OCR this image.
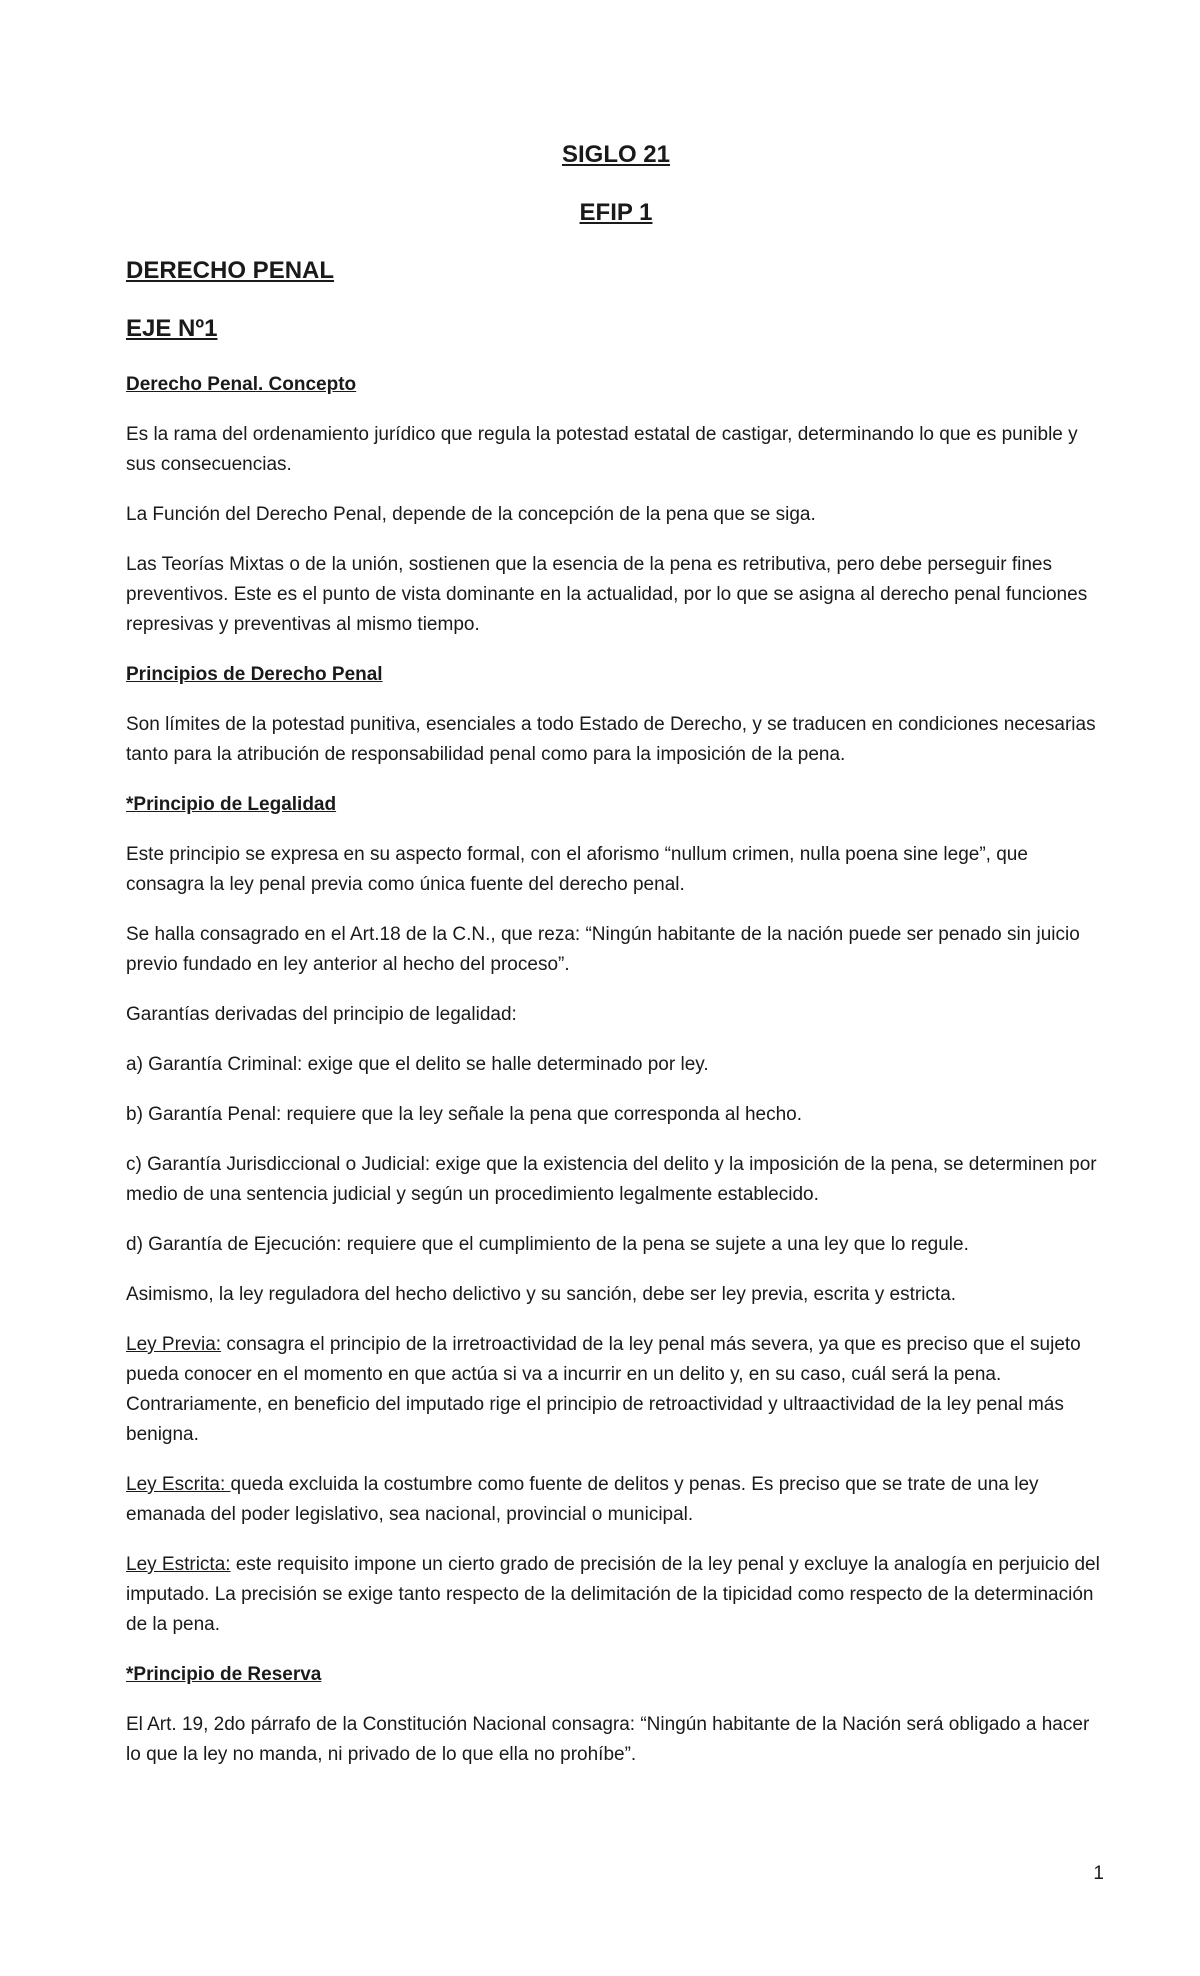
SIGLO 21
EFIP 1
DERECHO PENAL
EJE Nº1
Derecho Penal. Concepto

Es la rama del ordenamiento jurídico que regula la potestad estatal de castigar, determinando lo que es punible y sus consecuencias.

La Función del Derecho Penal, depende de la concepción de la pena que se siga.

Las Teorías Mixtas o de la unión, sostienen que la esencia de la pena es retributiva, pero debe perseguir fines preventivos. Este es el punto de vista dominante en la actualidad, por lo que se asigna al derecho penal funciones represivas y preventivas al mismo tiempo.

Principios de Derecho Penal

Son límites de la potestad punitiva, esenciales a todo Estado de Derecho, y se traducen en condiciones necesarias tanto para la atribución de responsabilidad penal como para la imposición de la pena.

*Principio de Legalidad

Este principio se expresa en su aspecto formal, con el aforismo “nullum crimen, nulla poena sine lege”, que consagra la ley penal previa como única fuente del derecho penal.

Se halla consagrado en el Art.18 de la C.N., que reza: “Ningún habitante de la nación puede ser penado sin juicio previo fundado en ley anterior al hecho del proceso”.

Garantías derivadas del principio de legalidad:

a) Garantía Criminal: exige que el delito se halle determinado por ley.

b) Garantía Penal: requiere que la ley señale la pena que corresponda al hecho.

c) Garantía Jurisdiccional o Judicial: exige que la existencia del delito y la imposición de la pena, se determinen por medio de una sentencia judicial y según un procedimiento legalmente establecido.

d) Garantía de Ejecución: requiere que el cumplimiento de la pena se sujete a una ley que lo regule.

Asimismo, la ley reguladora del hecho delictivo y su sanción, debe ser ley previa, escrita y estricta.

Ley Previa: consagra el principio de la irretroactividad de la ley penal más severa, ya que es preciso que el sujeto pueda conocer en el momento en que actúa si va a incurrir en un delito y, en su caso, cuál será la pena. Contrariamente, en beneficio del imputado rige el principio de retroactividad y ultraactividad de la ley penal más benigna.

Ley Escrita: queda excluida la costumbre como fuente de delitos y penas. Es preciso que se trate de una ley emanada del poder legislativo, sea nacional, provincial o municipal.

Ley Estricta: este requisito impone un cierto grado de precisión de la ley penal y excluye la analogía en perjuicio del imputado. La precisión se exige tanto respecto de la delimitación de la tipicidad como respecto de la determinación de la pena.

*Principio de Reserva

El Art. 19, 2do párrafo de la Constitución Nacional consagra: “Ningún habitante de la Nación será obligado a hacer lo que la ley no manda, ni privado de lo que ella no prohíbe”.

1
